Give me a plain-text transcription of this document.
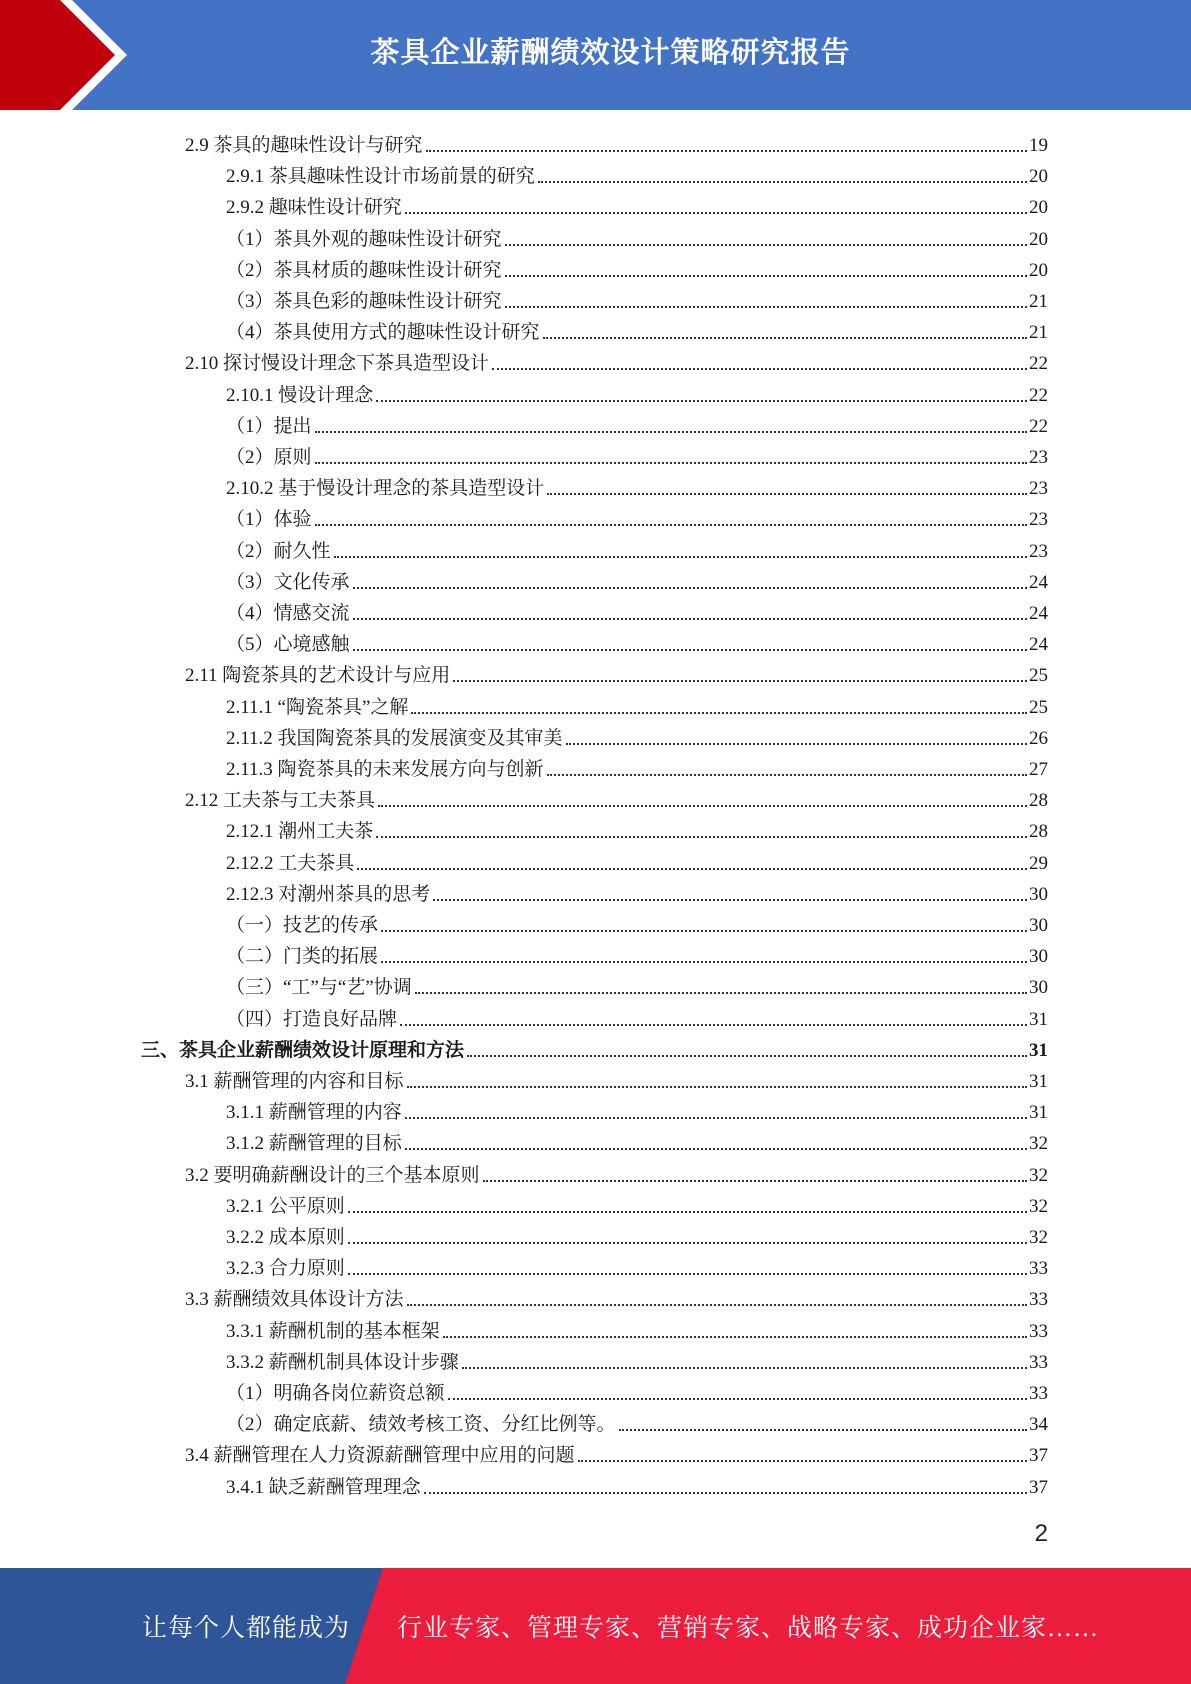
茶具企业薪酬绩效设计策略研究报告
2.9 茶具的趣味性设计与研究	19
2.9.1 茶具趣味性设计市场前景的研究	20
2.9.2 趣味性设计研究	20
（1）茶具外观的趣味性设计研究	20
（2）茶具材质的趣味性设计研究	20
（3）茶具色彩的趣味性设计研究	21
（4）茶具使用方式的趣味性设计研究	21
2.10 探讨慢设计理念下茶具造型设计	22
2.10.1 慢设计理念	22
（1）提出	22
（2）原则	23
2.10.2 基于慢设计理念的茶具造型设计	23
（1）体验	23
（2）耐久性	23
（3）文化传承	24
（4）情感交流	24
（5）心境感触	24
2.11 陶瓷茶具的艺术设计与应用	25
2.11.1 “陶瓷茶具”之解	25
2.11.2 我国陶瓷茶具的发展演变及其审美	26
2.11.3 陶瓷茶具的未来发展方向与创新	27
2.12 工夫茶与工夫茶具	28
2.12.1 潮州工夫茶	28
2.12.2 工夫茶具	29
2.12.3 对潮州茶具的思考	30
（一）技艺的传承	30
（二）门类的拓展	30
（三）“工”与“艺”协调	30
（四）打造良好品牌	31
三、茶具企业薪酬绩效设计原理和方法	31
3.1 薪酬管理的内容和目标	31
3.1.1 薪酬管理的内容	31
3.1.2 薪酬管理的目标	32
3.2 要明确薪酬设计的三个基本原则	32
3.2.1 公平原则	32
3.2.2 成本原则	32
3.2.3 合力原则	33
3.3 薪酬绩效具体设计方法	33
3.3.1 薪酬机制的基本框架	33
3.3.2 薪酬机制具体设计步骤	33
（1）明确各岗位薪资总额	33
（2）确定底薪、绩效考核工资、分红比例等。	34
3.4 薪酬管理在人力资源薪酬管理中应用的问题	37
3.4.1 缺乏薪酬管理理念	37
2
让每个人都能成为 行业专家、管理专家、营销专家、战略专家、成功企业家……
